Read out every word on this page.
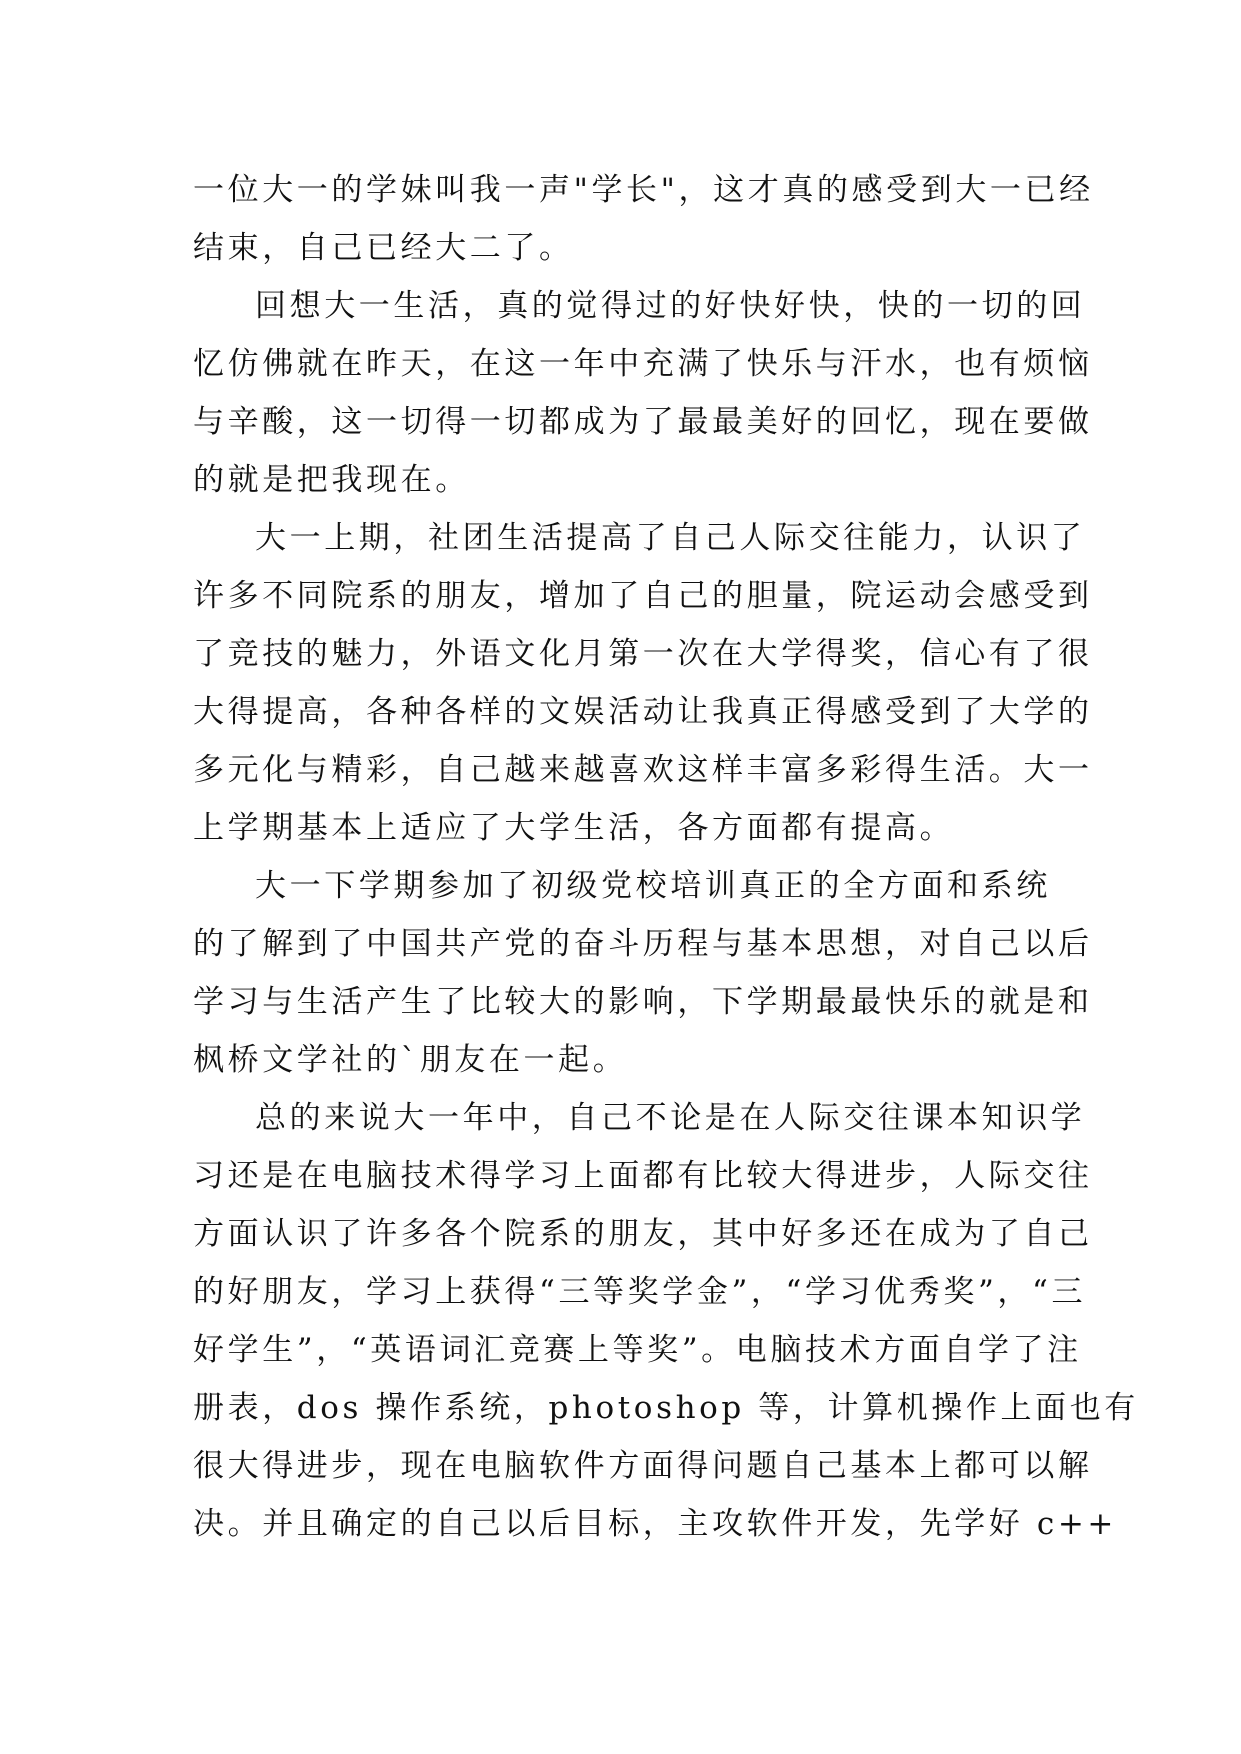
一位大一的学妹叫我一声"学长"，这才真的感受到大一已经
结束，自己已经大二了。
回想大一生活，真的觉得过的好快好快，快的一切的回
忆仿佛就在昨天，在这一年中充满了快乐与汗水，也有烦恼
与辛酸，这一切得一切都成为了最最美好的回忆，现在要做
的就是把我现在。
大一上期，社团生活提高了自己人际交往能力，认识了
许多不同院系的朋友，增加了自己的胆量，院运动会感受到
了竞技的魅力，外语文化月第一次在大学得奖，信心有了很
大得提高，各种各样的文娱活动让我真正得感受到了大学的
多元化与精彩，自己越来越喜欢这样丰富多彩得生活。大一
上学期基本上适应了大学生活，各方面都有提高。
大一下学期参加了初级党校培训真正的全方面和系统
的了解到了中国共产党的奋斗历程与基本思想，对自己以后
学习与生活产生了比较大的影响，下学期最最快乐的就是和
枫桥文学社的`朋友在一起。
总的来说大一年中，自己不论是在人际交往课本知识学
习还是在电脑技术得学习上面都有比较大得进步，人际交往
方面认识了许多各个院系的朋友，其中好多还在成为了自己
的好朋友，学习上获得“三等奖学金”，“学习优秀奖”，“三
好学生”，“英语词汇竞赛上等奖”。电脑技术方面自学了注
册表，dos 操作系统，photoshop 等，计算机操作上面也有
很大得进步，现在电脑软件方面得问题自己基本上都可以解
决。并且确定的自己以后目标，主攻软件开发，先学好 c++
